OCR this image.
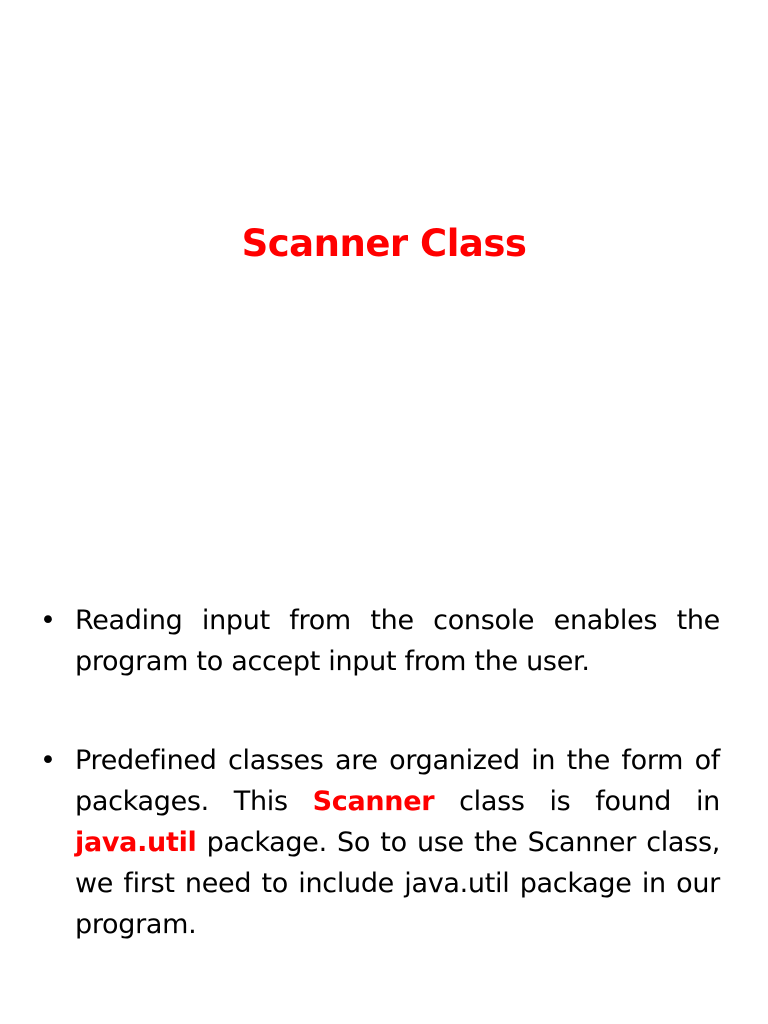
Scanner Class
• Reading input from the console enables the program to accept input from the user.
• Predefined classes are organized in the form of packages. This Scanner class is found in java.util package. So to use the Scanner class, we first need to include java.util package in our program.
